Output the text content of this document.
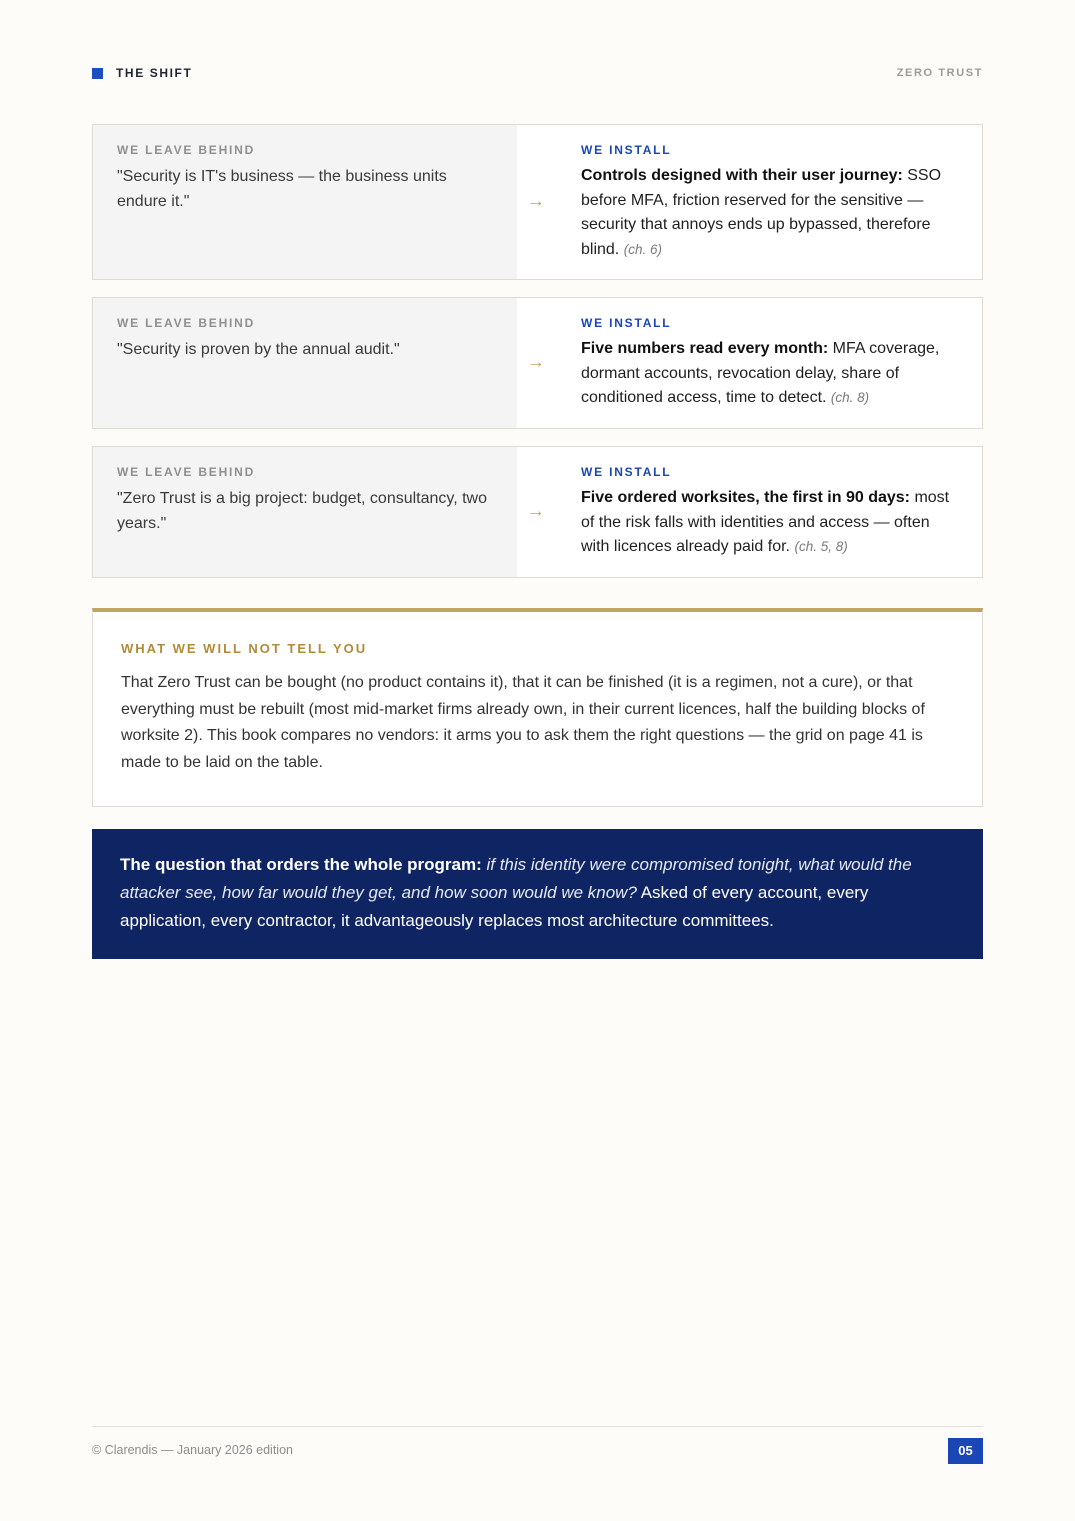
THE SHIFT	ZERO TRUST
WE LEAVE BEHIND
"Security is IT's business — the business units endure it."	→
WE INSTALL
Controls designed with their user journey: SSO before MFA, friction reserved for the sensitive — security that annoys ends up bypassed, therefore blind. (ch. 6)
WE LEAVE BEHIND
"Security is proven by the annual audit."
→
WE INSTALL
Five numbers read every month: MFA coverage, dormant accounts, revocation delay, share of conditioned access, time to detect. (ch. 8)
WE LEAVE BEHIND
"Zero Trust is a big project: budget, consultancy, two years."
→
WE INSTALL
Five ordered worksites, the first in 90 days: most of the risk falls with identities and access — often with licences already paid for. (ch. 5, 8)
WHAT WE WILL NOT TELL YOU
That Zero Trust can be bought (no product contains it), that it can be finished (it is a regimen, not a cure), or that everything must be rebuilt (most mid-market firms already own, in their current licences, half the building blocks of worksite 2). This book compares no vendors: it arms you to ask them the right questions — the grid on page 41 is made to be laid on the table.
The question that orders the whole program: if this identity were compromised tonight, what would the attacker see, how far would they get, and how soon would we know? Asked of every account, every application, every contractor, it advantageously replaces most architecture committees.
© Clarendis — January 2026 edition	05
